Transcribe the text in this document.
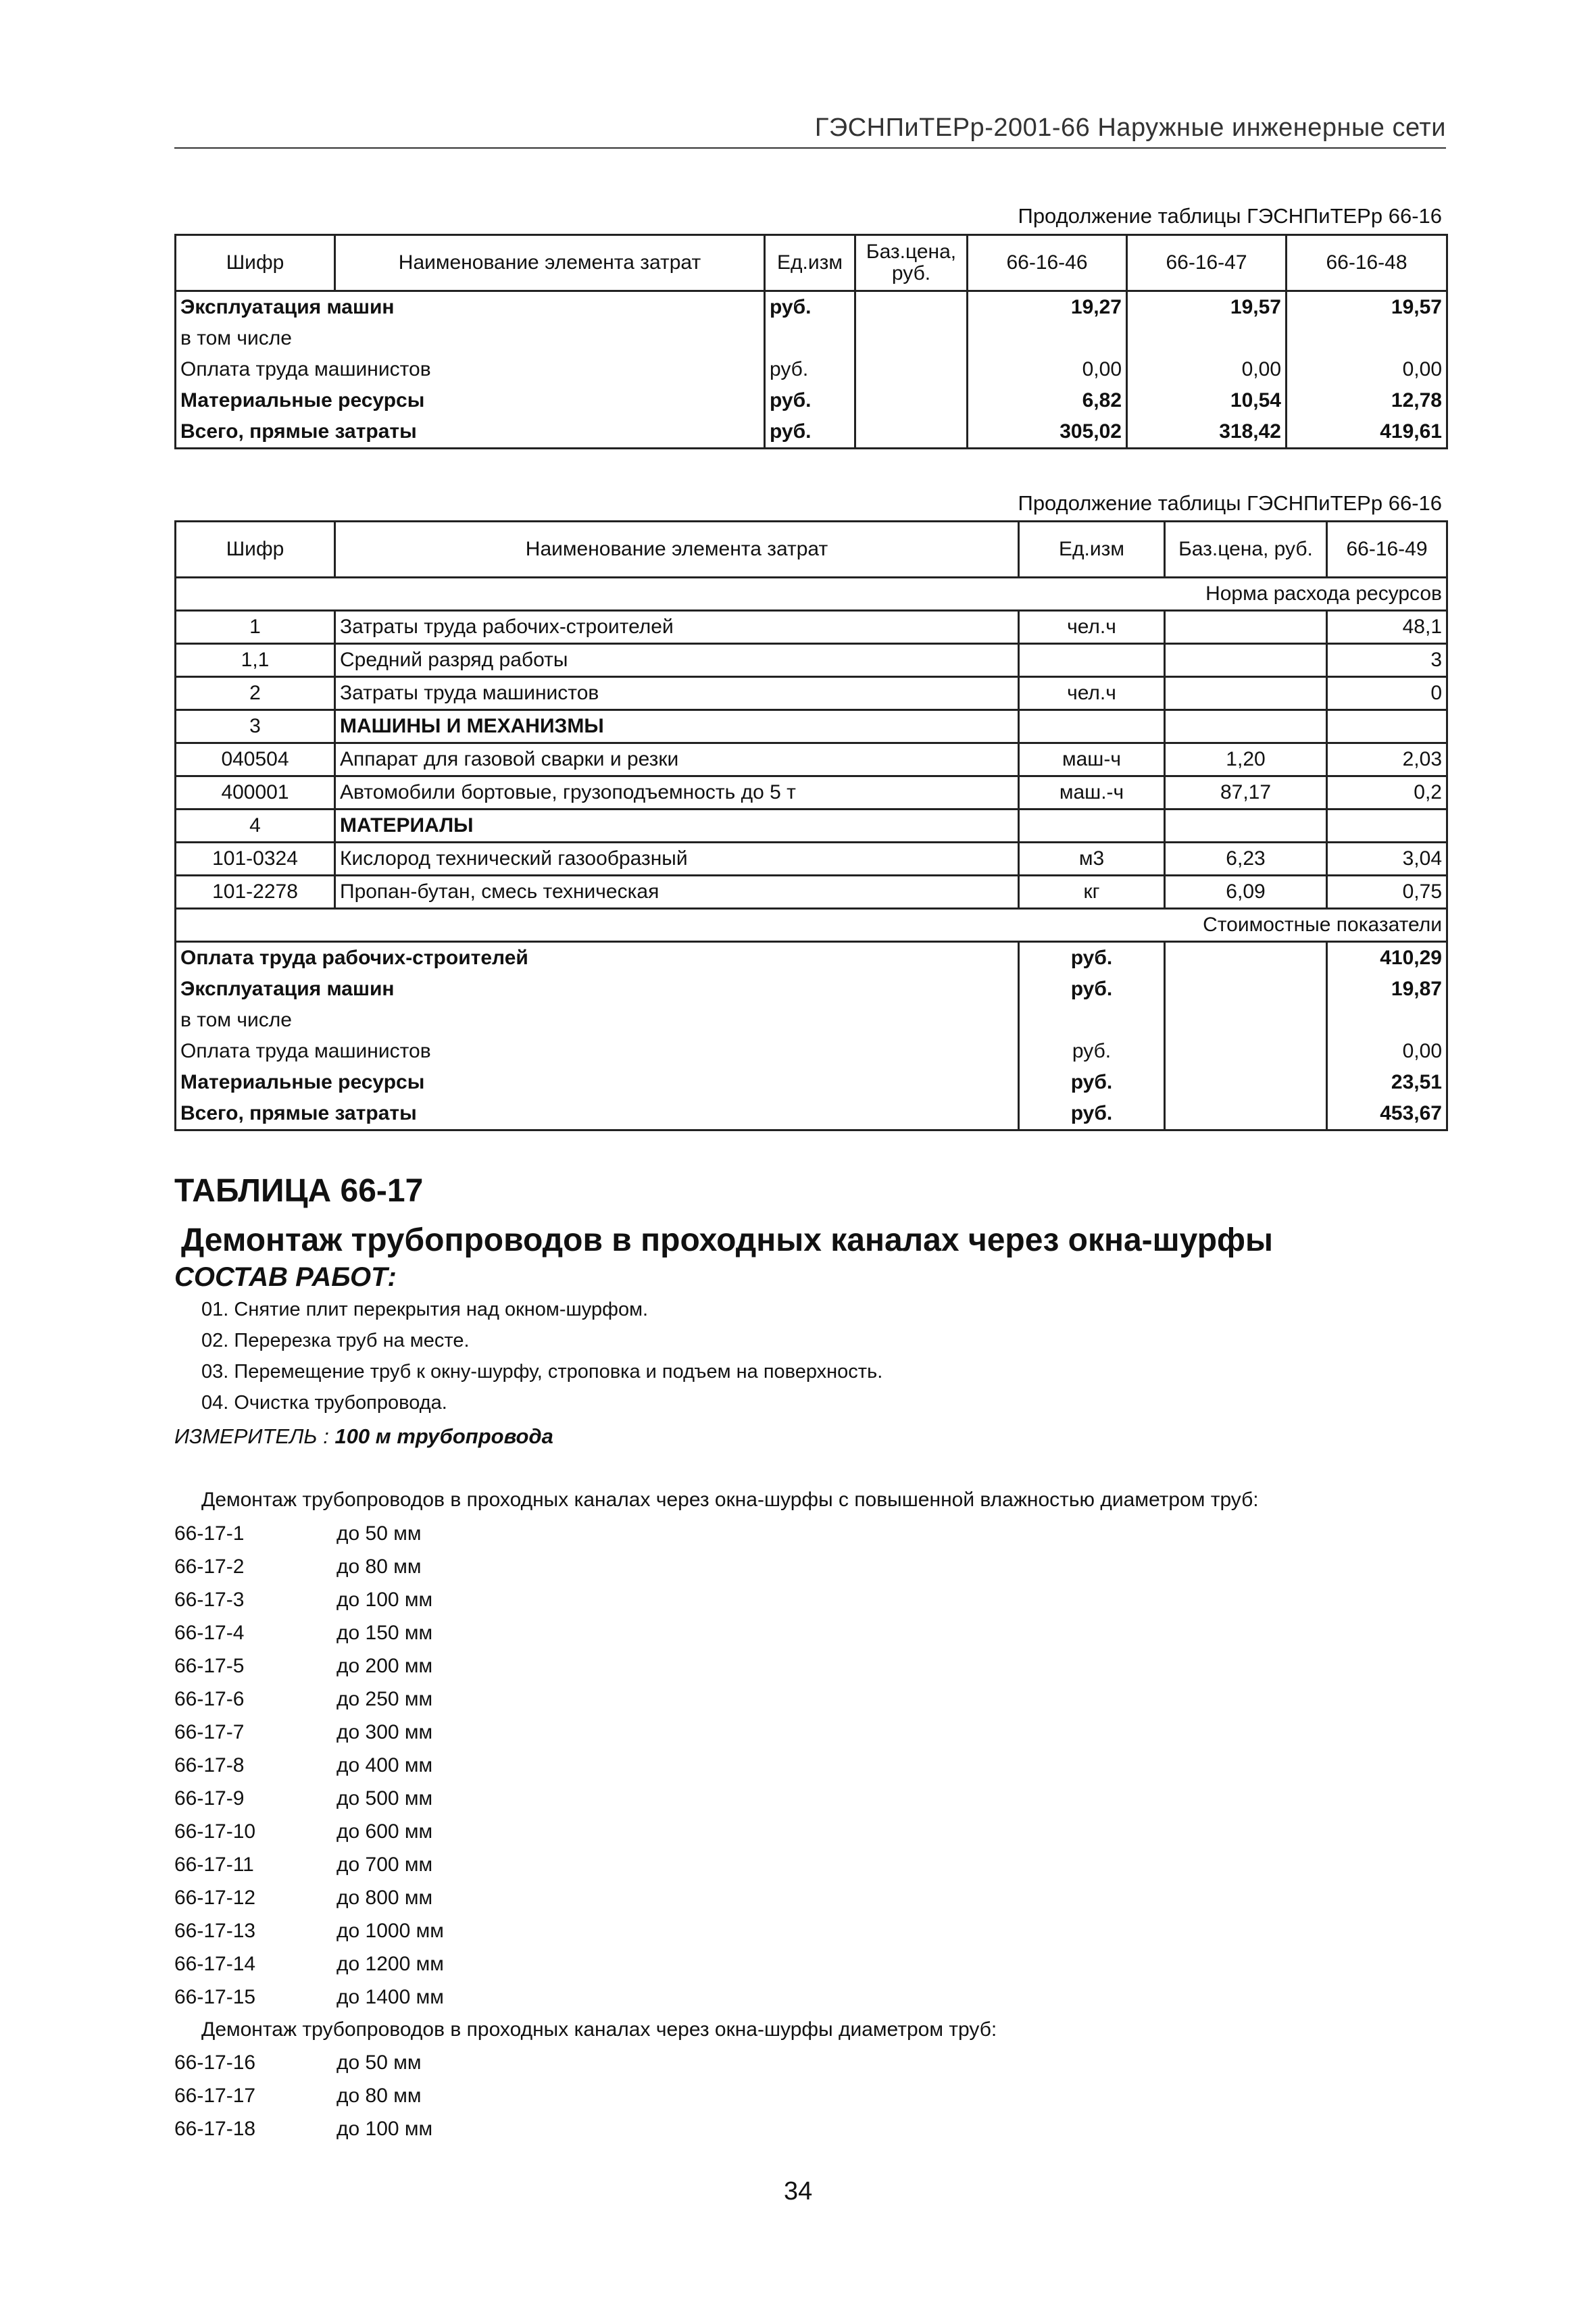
ГЭСНПиТЕРр-2001-66 Наружные инженерные сети
Продолжение таблицы ГЭСНПиТЕРр 66-16
Шифр	Наименование элемента затрат	Ед.изм	Баз.цена, руб.	66-16-46	66-16-47	66-16-48
Эксплуатация машин		руб.		19,27	19,57	19,57
в том числе						
Оплата труда машинистов		руб.		0,00	0,00	0,00
Материальные ресурсы		руб.		6,82	10,54	12,78
Всего, прямые затраты		руб.		305,02	318,42	419,61
Продолжение таблицы ГЭСНПиТЕРр 66-16
Шифр	Наименование элемента затрат	Ед.изм	Баз.цена, руб.	66-16-49
Норма расхода ресурсов				
1	Затраты труда рабочих-строителей	чел.ч		48,1
1,1	Средний разряд работы			3
2	Затраты труда машинистов	чел.ч		0
3	МАШИНЫ И МЕХАНИЗМЫ			
040504	Аппарат для газовой сварки и резки	маш-ч	1,20	2,03
400001	Автомобили бортовые, грузоподъемность до 5 т	маш.-ч	87,17	0,2
4	МАТЕРИАЛЫ			
101-0324	Кислород технический газообразный	м3	6,23	3,04
101-2278	Пропан-бутан, смесь техническая	кг	6,09	0,75
Стоимостные показатели				
Оплата труда рабочих-строителей		руб.		410,29
Эксплуатация машин		руб.		19,87
в том числе				
Оплата труда машинистов		руб.		0,00
Материальные ресурсы		руб.		23,51
Всего, прямые затраты		руб.		453,67
ТАБЛИЦА 66-17
Демонтаж трубопроводов в проходных каналах через окна-шурфы
СОСТАВ РАБОТ:
01. Снятие плит перекрытия над окном-шурфом.
02. Перерезка труб на месте.
03. Перемещение труб к окну-шурфу, строповка и подъем на поверхность.
04. Очистка трубопровода.
ИЗМЕРИТЕЛЬ : 100 м трубопровода
Демонтаж трубопроводов в проходных каналах через окна-шурфы с повышенной влажностью диаметром труб:
66-17-1	до 50 мм
66-17-2	до 80 мм
66-17-3	до 100 мм
66-17-4	до 150 мм
66-17-5	до 200 мм
66-17-6	до 250 мм
66-17-7	до 300 мм
66-17-8	до 400 мм
66-17-9	до 500 мм
66-17-10	до 600 мм
66-17-11	до 700 мм
66-17-12	до 800 мм
66-17-13	до 1000 мм
66-17-14	до 1200 мм
66-17-15	до 1400 мм
Демонтаж трубопроводов в проходных каналах через окна-шурфы диаметром труб:
66-17-16	до 50 мм
66-17-17	до 80 мм
66-17-18	до 100 мм
34
